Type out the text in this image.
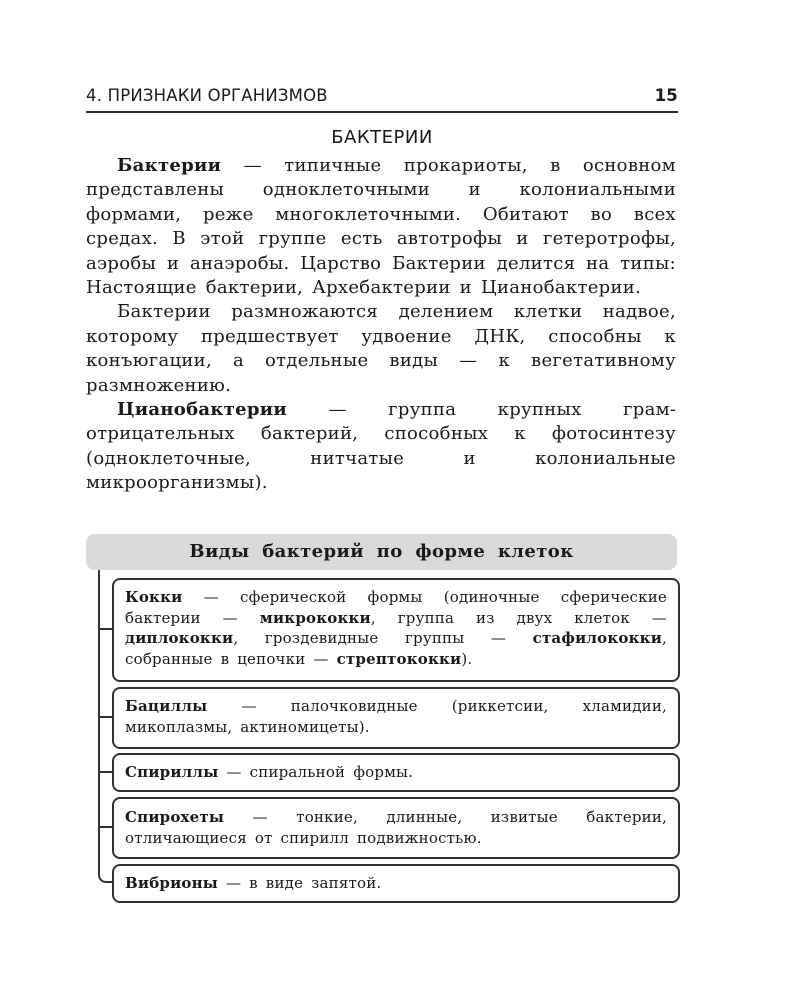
4. ПРИЗНАКИ ОРГАНИЗМОВ	15
БАКТЕРИИ

Бактерии — типичные прокариоты, в основном представлены одноклеточными и колониальными формами, реже многоклеточными. Обитают во всех средах. В этой группе есть автотрофы и гетеротрофы, аэробы и анаэробы. Царство Бактерии делится на типы: Настоящие бактерии, Архебактерии и Цианобактерии.

Бактерии размножаются делением клетки надвое, которому предшествует удвоение ДНК, способны к конъюгации, а отдельные виды — к вегетативному размножению.

Цианобактерии — группа крупных грамотрицательных бактерий, способных к фотосинтезу (одноклеточные, нитчатые и колониальные микроорганизмы).

Виды бактерий по форме клеток
Кокки — сферической формы (одиночные сферические бактерии — микрококки, группа из двух клеток — диплококки, гроздевидные группы — стафилококки, собранные в цепочки — стрептококки).
Бациллы — палочковидные (риккетсии, хламидии, микоплазмы, актиномицеты).
Спириллы — спиральной формы.
Спирохеты — тонкие, длинные, извитые бактерии, отличающиеся от спирилл подвижностью.
Вибрионы — в виде запятой.
